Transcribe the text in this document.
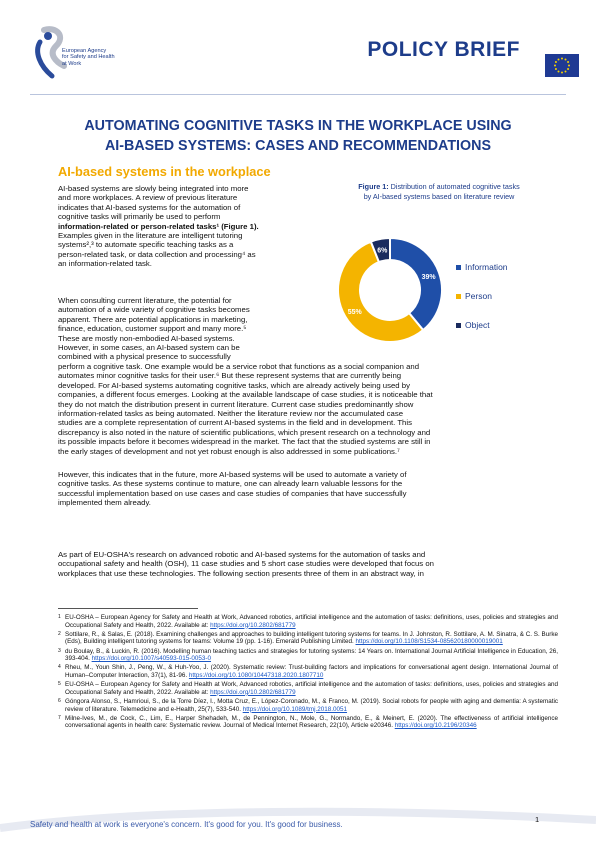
European Agency
for Safety and Health
at Work
POLICY BRIEF
AUTOMATING COGNITIVE TASKS IN THE WORKPLACE USING
AI-BASED SYSTEMS: CASES AND RECOMMENDATIONS
AI-based systems in the workplace
AI-based systems are slowly being integrated into more
and more workplaces. A review of previous literature
indicates that AI-based systems for the automation of
cognitive tasks will primarily be used to perform
information-related or person-related tasks¹ (Figure 1).
Examples given in the literature are intelligent tutoring
systems²,³ to automate specific teaching tasks as a
person-related task, or data collection and processing⁴ as
an information-related task.
When consulting current literature, the potential for
automation of a wide variety of cognitive tasks becomes
apparent. There are potential applications in marketing,
finance, education, customer support and many more.⁵
These are mostly non-embodied AI-based systems.
However, in some cases, an AI-based system can be
combined with a physical presence to successfully
perform a cognitive task. One example would be a service robot that functions as a social companion and
automates minor cognitive tasks for their user.⁶ But these represent systems that are currently being
developed. For AI-based systems automating cognitive tasks, which are already actively being used by
companies, a different focus emerges. Looking at the available landscape of case studies, it is noticeable that
they do not match the distribution present in current literature. Current case studies predominantly show
information-related tasks as being automated. Neither the literature review nor the accumulated case
studies are a complete representation of current AI-based systems in the field and in development. This
discrepancy is also noted in the nature of scientific publications, which present research on a technology and
its possible impacts before it becomes widespread in the market. The fact that the studied systems are still in
the early stages of development and not yet robust enough is also addressed in some publications.⁷
However, this indicates that in the future, more AI-based systems will be used to automate a variety of
cognitive tasks. As these systems continue to mature, one can already learn valuable lessons for the
successful implementation based on use cases and case studies of companies that have successfully
implemented them already.
As part of EU-OSHA's research on advanced robotic and AI-based systems for the automation of tasks and
occupational safety and health (OSH), 11 case studies and 5 short case studies were developed that focus on
workplaces that use these technologies. The following section presents three of them in an abstract way, in
Figure 1: Distribution of automated cognitive tasks
by AI-based systems based on literature review
39%
55%
6%
Information
Person
Object
1 EU-OSHA – European Agency for Safety and Health at Work, Advanced robotics, artificial intelligence and the automation of tasks: definitions, uses, policies and strategies and Occupational Safety and Health, 2022. Available at: https://doi.org/10.2802/681779
2 Sottilare, R., & Salas, E. (2018). Examining challenges and approaches to building intelligent tutoring systems for teams. In J. Johnston, R. Sottilare, A. M. Sinatra, & C. S. Burke (Eds), Building intelligent tutoring systems for teams: Volume 19 (pp. 1-16). Emerald Publishing Limited. https://doi.org/10.1108/S1534-085620180000019001
3 du Boulay, B., & Luckin, R. (2016). Modelling human teaching tactics and strategies for tutoring systems: 14 Years on. International Journal Artificial Intelligence in Education, 26, 393-404. https://doi.org/10.1007/s40593-015-0053-0
4 Rheu, M., Youn Shin, J., Peng, W., & Huh-Yoo, J. (2020). Systematic review: Trust-building factors and implications for conversational agent design. International Journal of Human–Computer Interaction, 37(1), 81-96. https://doi.org/10.1080/10447318.2020.1807710
5 EU-OSHA – European Agency for Safety and Health at Work, Advanced robotics, artificial intelligence and the automation of tasks: definitions, uses, policies and strategies and Occupational Safety and Health, 2022. Available at: https://doi.org/10.2802/681779
6 Góngora Alonso, S., Hamrioui, S., de la Torre Díez, I., Motta Cruz, E., López-Coronado, M., & Franco, M. (2019). Social robots for people with aging and dementia: A systematic review of literature. Telemedicine and e-Health, 25(7), 533-540. https://doi.org/10.1089/tmj.2018.0051
7 Milne-Ives, M., de Cock, C., Lim, E., Harper Shehadeh, M., de Pennington, N., Mole, G., Normando, E., & Meinert, E. (2020). The effectiveness of artificial intelligence conversational agents in health care: Systematic review. Journal of Medical Internet Research, 22(10), Article e20346. https://doi.org/10.2196/20346
Safety and health at work is everyone's concern. It's good for you. It's good for business.
1
